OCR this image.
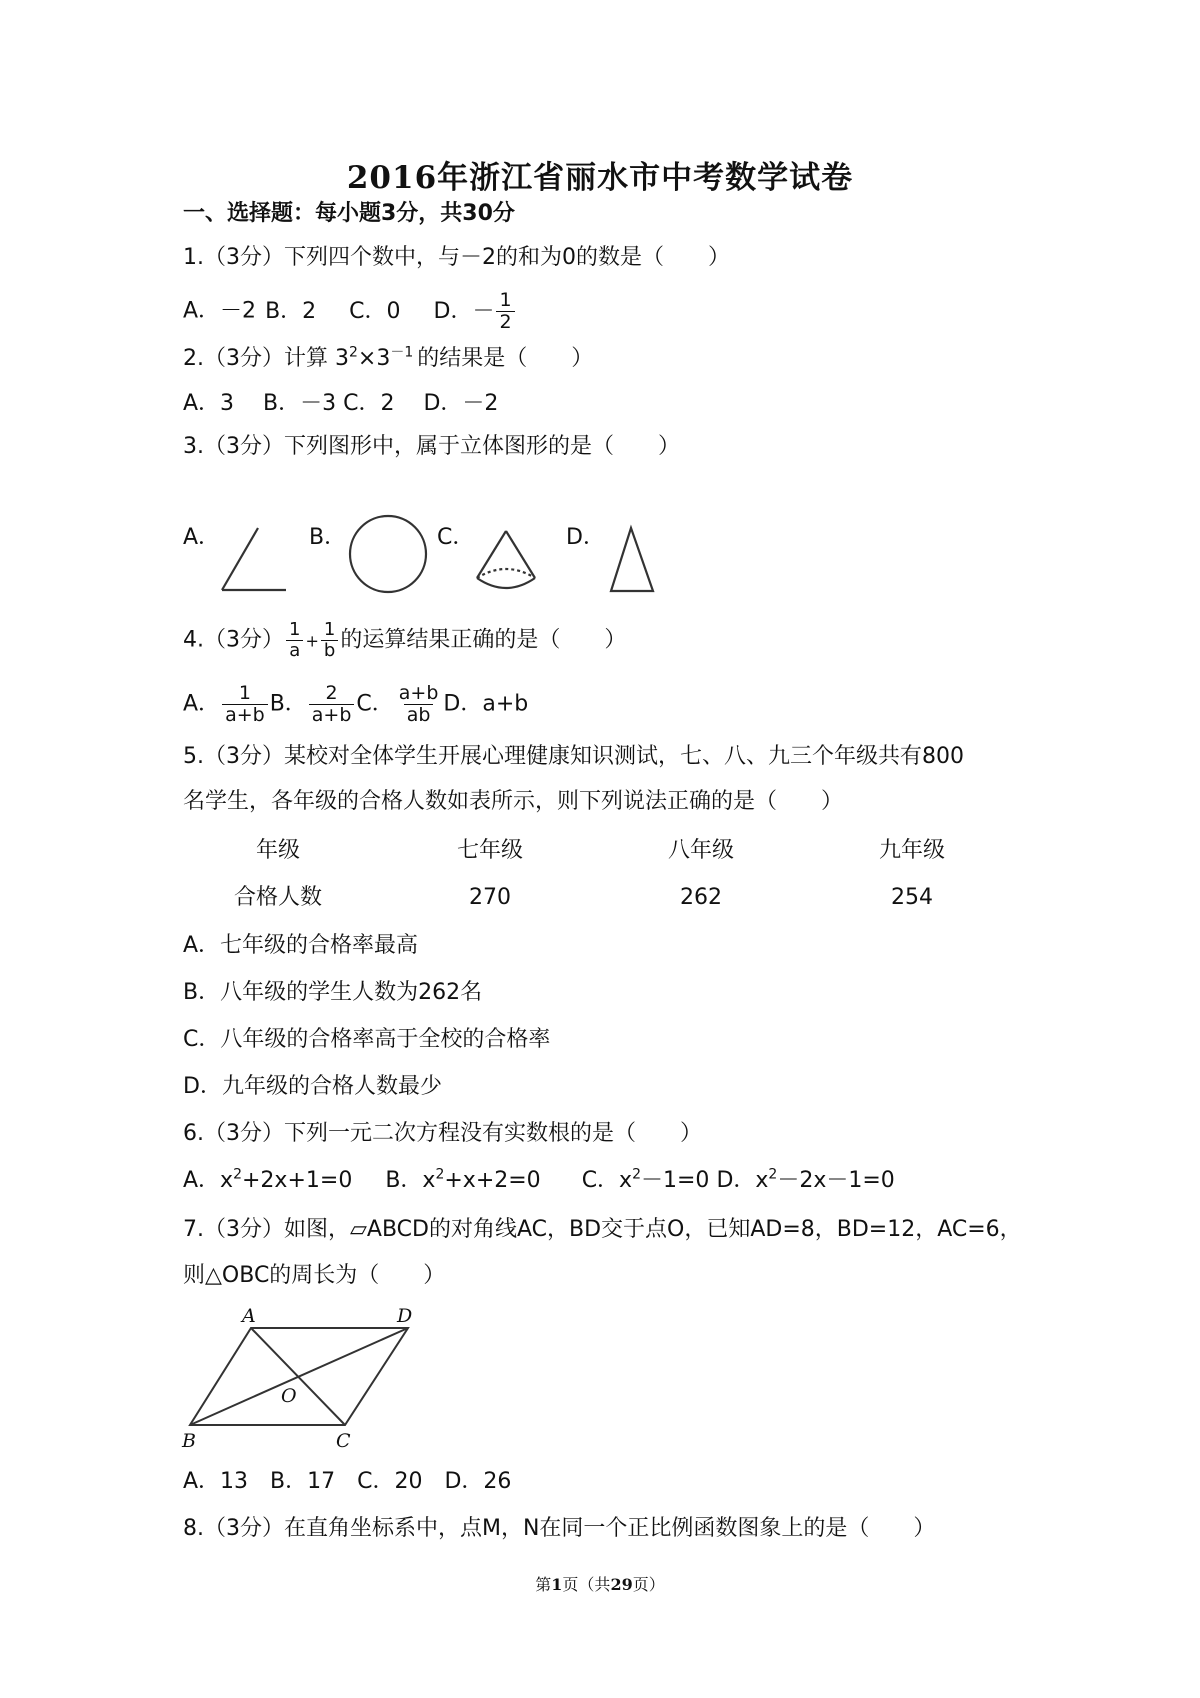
2016年浙江省丽水市中考数学试卷
一、选择题：每小题3分，共30分
1.（3分）下列四个数中，与－2的和为0的数是（　　）
A．－2 B．2 C．0 D．－ $\frac{1}{2}$
2.（3分）计算 $3^2\times 3^{-1}$ 的结果是（　　）
A．3　 B．－3 C．2　 D．－2
3.（3分）下列图形中，属于立体图形的是（　　）
A．	B．	C．	D．
4.（3分） $\frac{1}{a} + \frac{1}{b}$ 的运算结果正确的是（　　）
A． $\frac{1}{a+b}$ B． $\frac{2}{a+b}$ C． $\frac{a+b}{ab}$ D．a+b
5.（3分）某校对全体学生开展心理健康知识测试，七、八、九三个年级共有800
名学生，各年级的合格人数如表所示，则下列说法正确的是（　　）
年级	七年级	八年级	九年级
合格人数	270	262	254
A．七年级的合格率最高
B．八年级的学生人数为262名
C．八年级的合格率高于全校的合格率
D．九年级的合格人数最少
6.（3分）下列一元二次方程没有实数根的是（　　）
A．$x^2+2x+1=0$ B．$x^2+x+2=0$ C．$x^2-1=0$ D．$x^2-2x-1=0$
7.（3分）如图，▱ABCD的对角线AC，BD交于点O，已知AD=8，BD=12，AC=6，
则△OBC的周长为（　　）
A	D
O
B	C
A．13　B．17　C．20　D．26
8.（3分）在直角坐标系中，点M，N在同一个正比例函数图象上的是（　　）
第1页（共29页）
